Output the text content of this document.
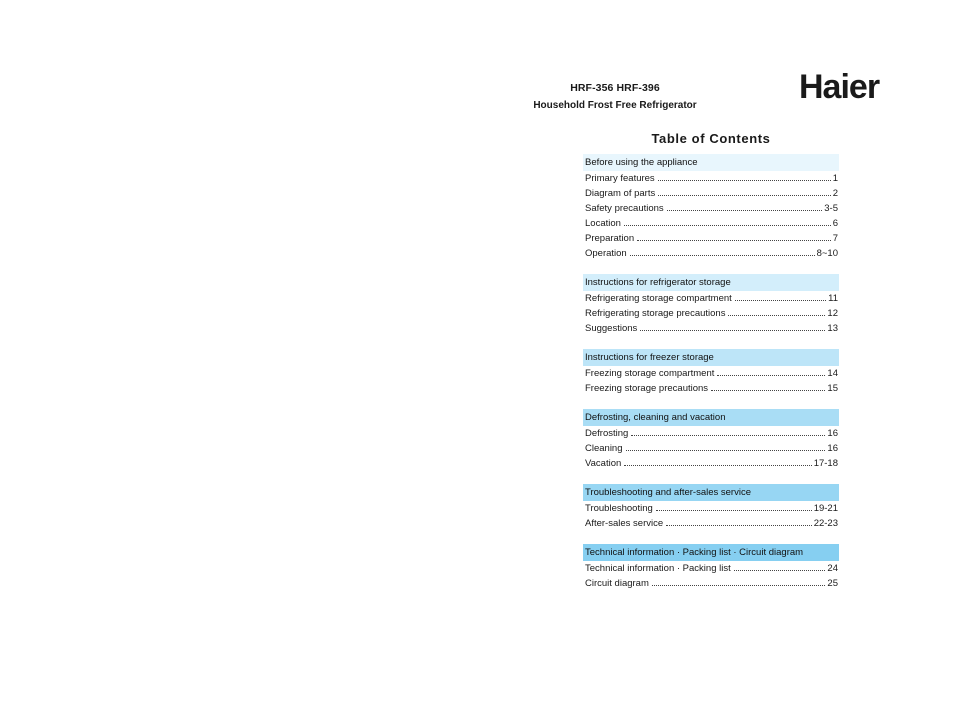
HRF-356 HRF-396
Household Frost Free Refrigerator	Haier
Table of Contents
Before using the appliance
Primary features	1
Diagram of parts	2
Safety precautions	3-5
Location	6
Preparation	7
Operation	8~10
Instructions for refrigerator storage
Refrigerating storage compartment	11
Refrigerating storage precautions	12
Suggestions	13
Instructions for freezer storage
Freezing storage compartment	14
Freezing storage precautions	15
Defrosting, cleaning and vacation
Defrosting	16
Cleaning	16
Vacation	17-18
Troubleshooting and after-sales service
Troubleshooting	19-21
After-sales service	22-23
Technical information · Packing list · Circuit diagram
Technical information · Packing list	24
Circuit diagram	25
